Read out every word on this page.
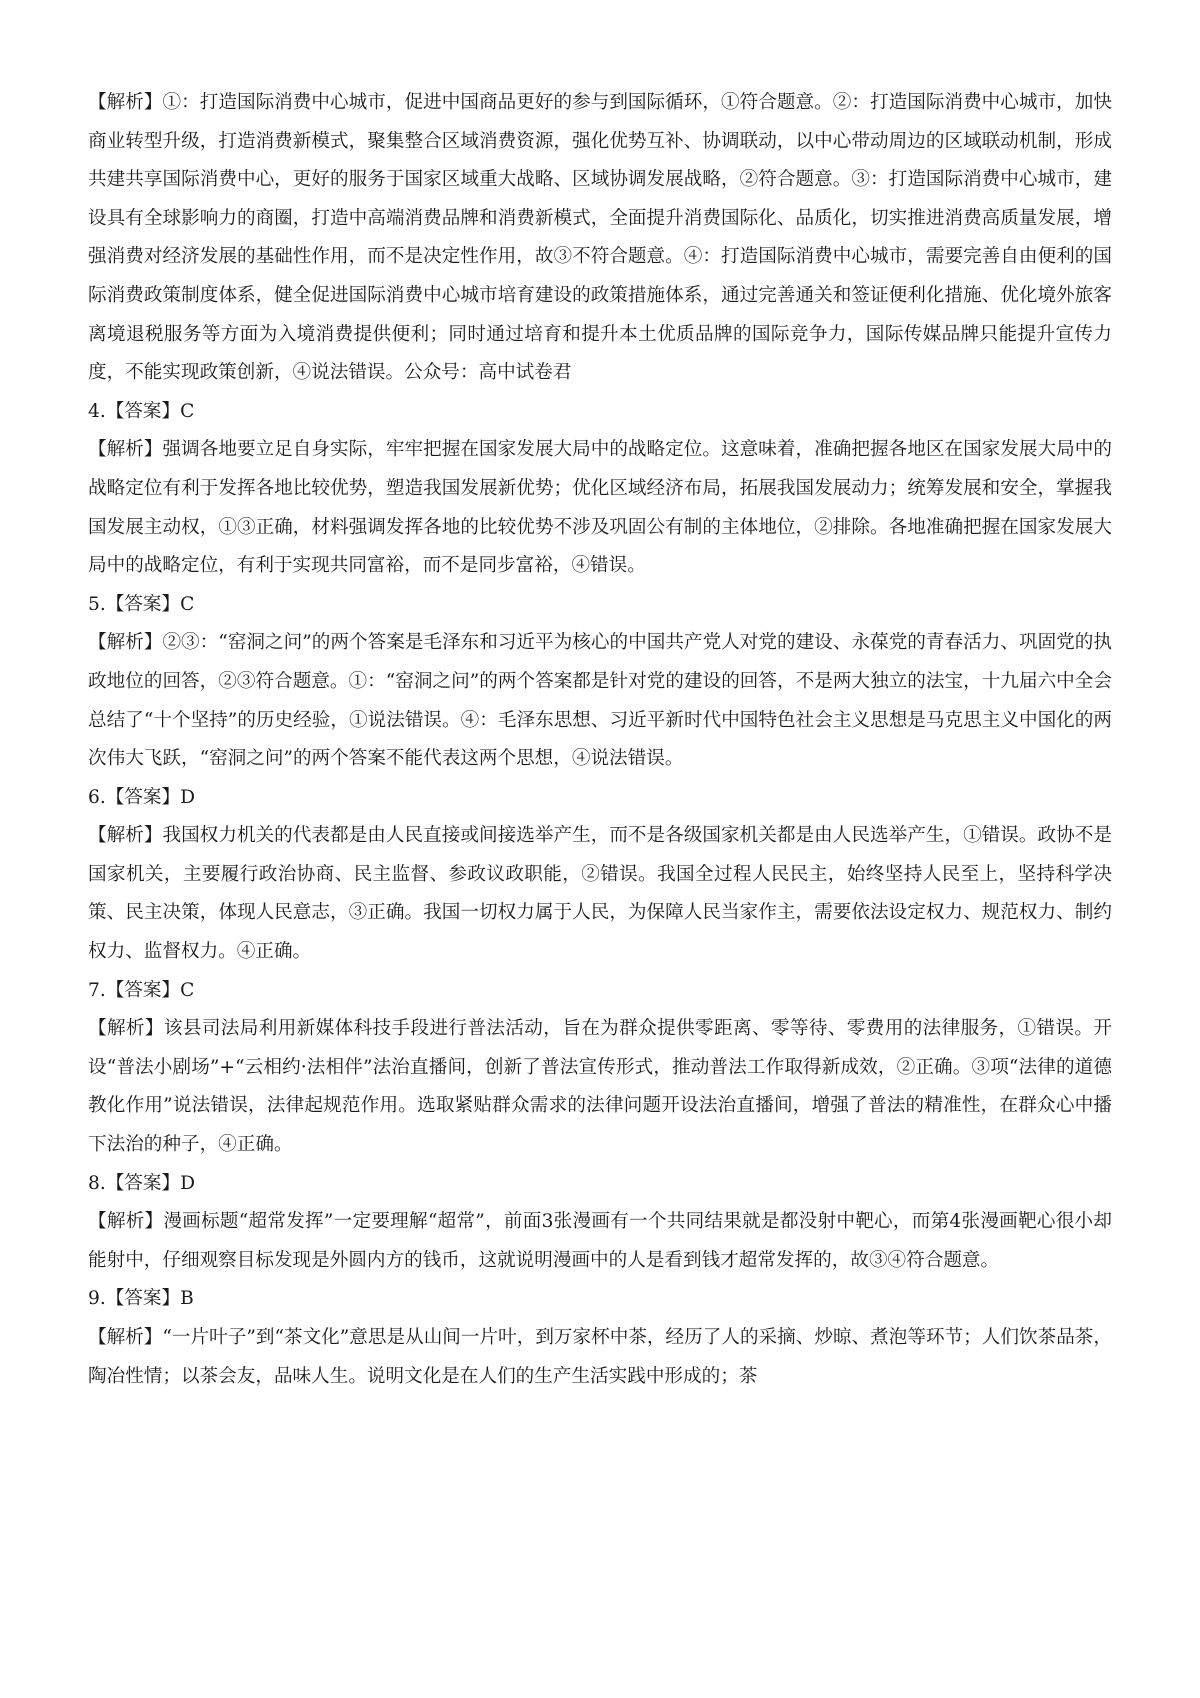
【解析】①：打造国际消费中心城市，促进中国商品更好的参与到国际循环，①符合题意。②：打造国际消费中心城市，加快商业转型升级，打造消费新模式，聚集整合区域消费资源，强化优势互补、协调联动，以中心带动周边的区域联动机制，形成共建共享国际消费中心，更好的服务于国家区域重大战略、区域协调发展战略，②符合题意。③：打造国际消费中心城市，建设具有全球影响力的商圈，打造中高端消费品牌和消费新模式，全面提升消费国际化、品质化，切实推进消费高质量发展，增强消费对经济发展的基础性作用，而不是决定性作用，故③不符合题意。④：打造国际消费中心城市，需要完善自由便利的国际消费政策制度体系，健全促进国际消费中心城市培育建设的政策措施体系，通过完善通关和签证便利化措施、优化境外旅客离境退税服务等方面为入境消费提供便利；同时通过培育和提升本土优质品牌的国际竞争力，国际传媒品牌只能提升宣传力度，不能实现政策创新，④说法错误。公众号：高中试卷君

4.【答案】C

【解析】强调各地要立足自身实际，牢牢把握在国家发展大局中的战略定位。这意味着，准确把握各地区在国家发展大局中的战略定位有利于发挥各地比较优势，塑造我国发展新优势；优化区域经济布局，拓展我国发展动力；统筹发展和安全，掌握我国发展主动权，①③正确，材料强调发挥各地的比较优势不涉及巩固公有制的主体地位，②排除。各地准确把握在国家发展大局中的战略定位，有利于实现共同富裕，而不是同步富裕，④错误。

5.【答案】C

【解析】②③：“窑洞之问”的两个答案是毛泽东和习近平为核心的中国共产党人对党的建设、永葆党的青春活力、巩固党的执政地位的回答，②③符合题意。①：“窑洞之问”的两个答案都是针对党的建设的回答，不是两大独立的法宝，十九届六中全会总结了“十个坚持”的历史经验，①说法错误。④：毛泽东思想、习近平新时代中国特色社会主义思想是马克思主义中国化的两次伟大飞跃，“窑洞之问”的两个答案不能代表这两个思想，④说法错误。

6.【答案】D

【解析】我国权力机关的代表都是由人民直接或间接选举产生，而不是各级国家机关都是由人民选举产生，①错误。政协不是国家机关，主要履行政治协商、民主监督、参政议政职能，②错误。我国全过程人民民主，始终坚持人民至上，坚持科学决策、民主决策，体现人民意志，③正确。我国一切权力属于人民，为保障人民当家作主，需要依法设定权力、规范权力、制约权力、监督权力。④正确。

7.【答案】C

【解析】该县司法局利用新媒体科技手段进行普法活动，旨在为群众提供零距离、零等待、零费用的法律服务，①错误。开设“普法小剧场”+“云相约·法相伴”法治直播间，创新了普法宣传形式，推动普法工作取得新成效，②正确。③项“法律的道德教化作用”说法错误，法律起规范作用。选取紧贴群众需求的法律问题开设法治直播间，增强了普法的精准性，在群众心中播下法治的种子，④正确。

8.【答案】D

【解析】漫画标题“超常发挥”一定要理解“超常”，前面3张漫画有一个共同结果就是都没射中靶心，而第4张漫画靶心很小却能射中，仔细观察目标发现是外圆内方的钱币，这就说明漫画中的人是看到钱才超常发挥的，故③④符合题意。

9.【答案】B

【解析】“一片叶子”到“茶文化”意思是从山间一片叶，到万家杯中茶，经历了人的采摘、炒晾、煮泡等环节；人们饮茶品茶，陶冶性情；以茶会友，品味人生。说明文化是在人们的生产生活实践中形成的；茶
